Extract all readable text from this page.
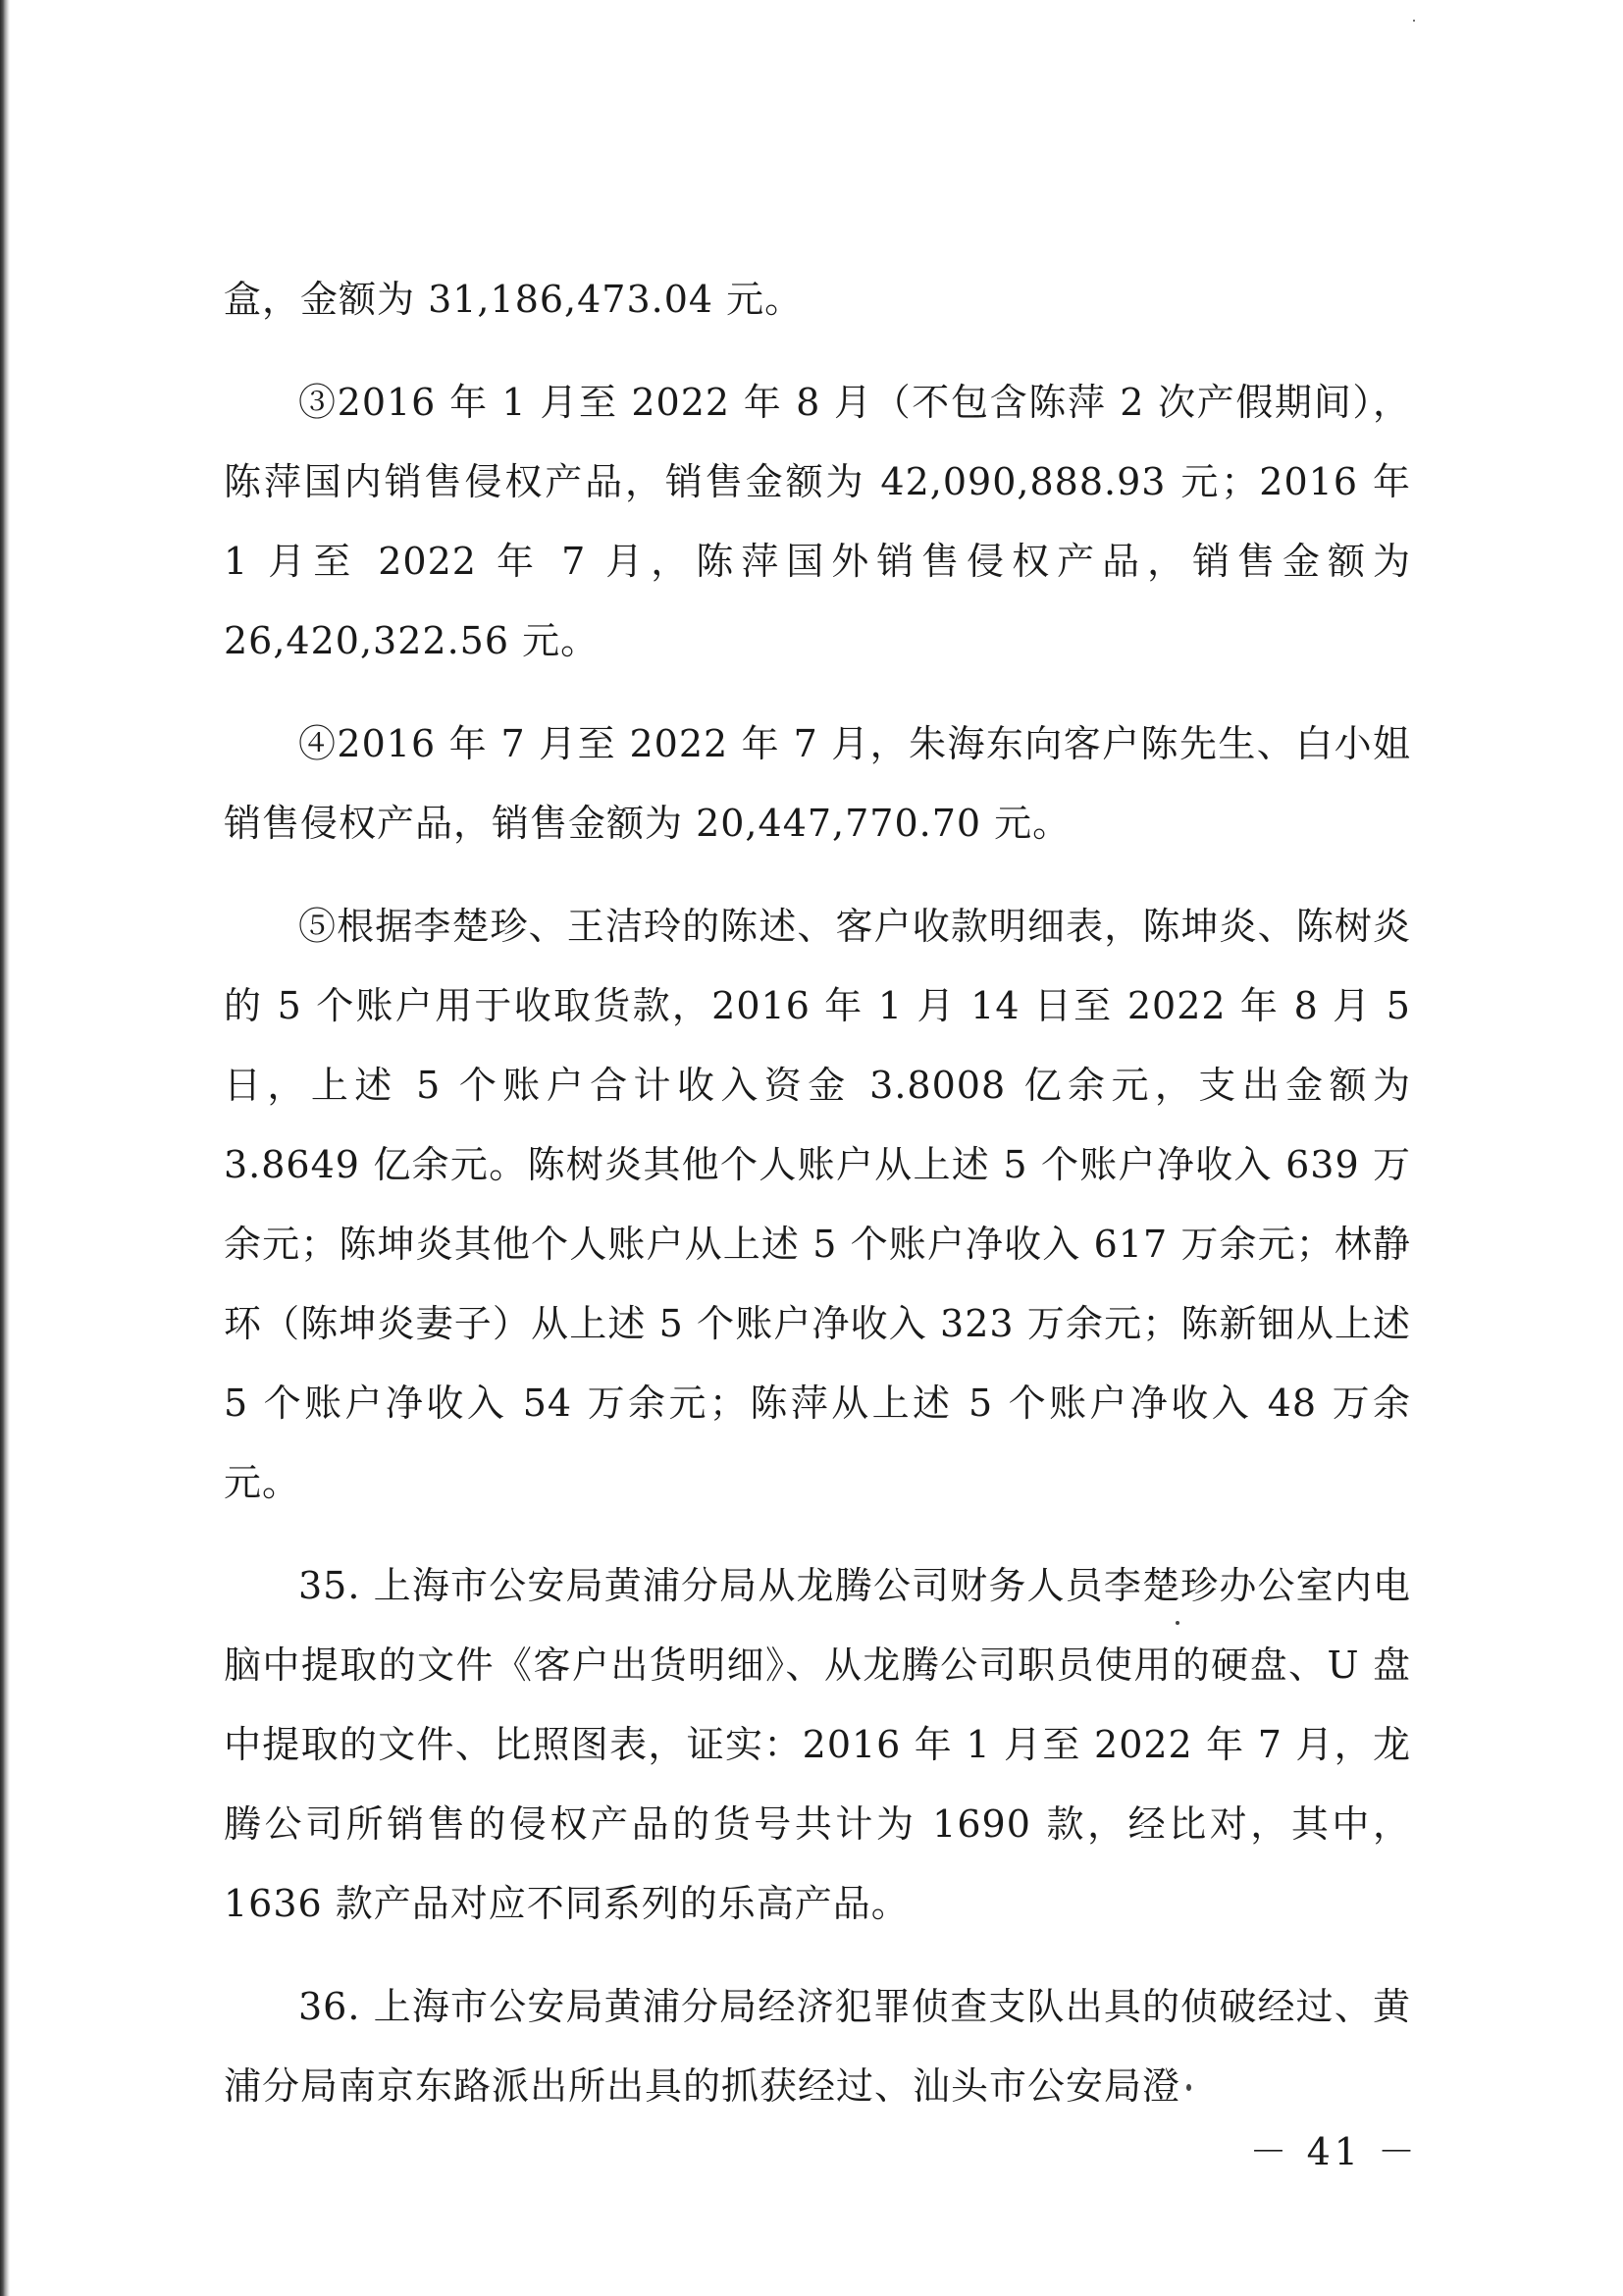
盒，金额为 31,186,473.04 元。

③2016 年 1 月至 2022 年 8 月（不包含陈萍 2 次产假期间），陈萍国内销售侵权产品，销售金额为 42,090,888.93 元；2016 年 1 月至 2022 年 7 月，陈萍国外销售侵权产品，销售金额为 26,420,322.56 元。

④2016 年 7 月至 2022 年 7 月，朱海东向客户陈先生、白小姐销售侵权产品，销售金额为 20,447,770.70 元。

⑤根据李楚珍、王洁玲的陈述、客户收款明细表，陈坤炎、陈树炎的 5 个账户用于收取货款，2016 年 1 月 14 日至 2022 年 8 月 5 日，上述 5 个账户合计收入资金 3.8008 亿余元，支出金额为 3.8649 亿余元。陈树炎其他个人账户从上述 5 个账户净收入 639 万余元；陈坤炎其他个人账户从上述 5 个账户净收入 617 万余元；林静环（陈坤炎妻子）从上述 5 个账户净收入 323 万余元；陈新钿从上述 5 个账户净收入 54 万余元；陈萍从上述 5 个账户净收入 48 万余元。

35. 上海市公安局黄浦分局从龙腾公司财务人员李楚珍办公室内电脑中提取的文件《客户出货明细》、从龙腾公司职员使用的硬盘、U 盘中提取的文件、比照图表，证实：2016 年 1 月至 2022 年 7 月，龙腾公司所销售的侵权产品的货号共计为 1690 款，经比对，其中，1636 款产品对应不同系列的乐高产品。

36. 上海市公安局黄浦分局经济犯罪侦查支队出具的侦破经过、黄浦分局南京东路派出所出具的抓获经过、汕头市公安局澄

－ 41 －
